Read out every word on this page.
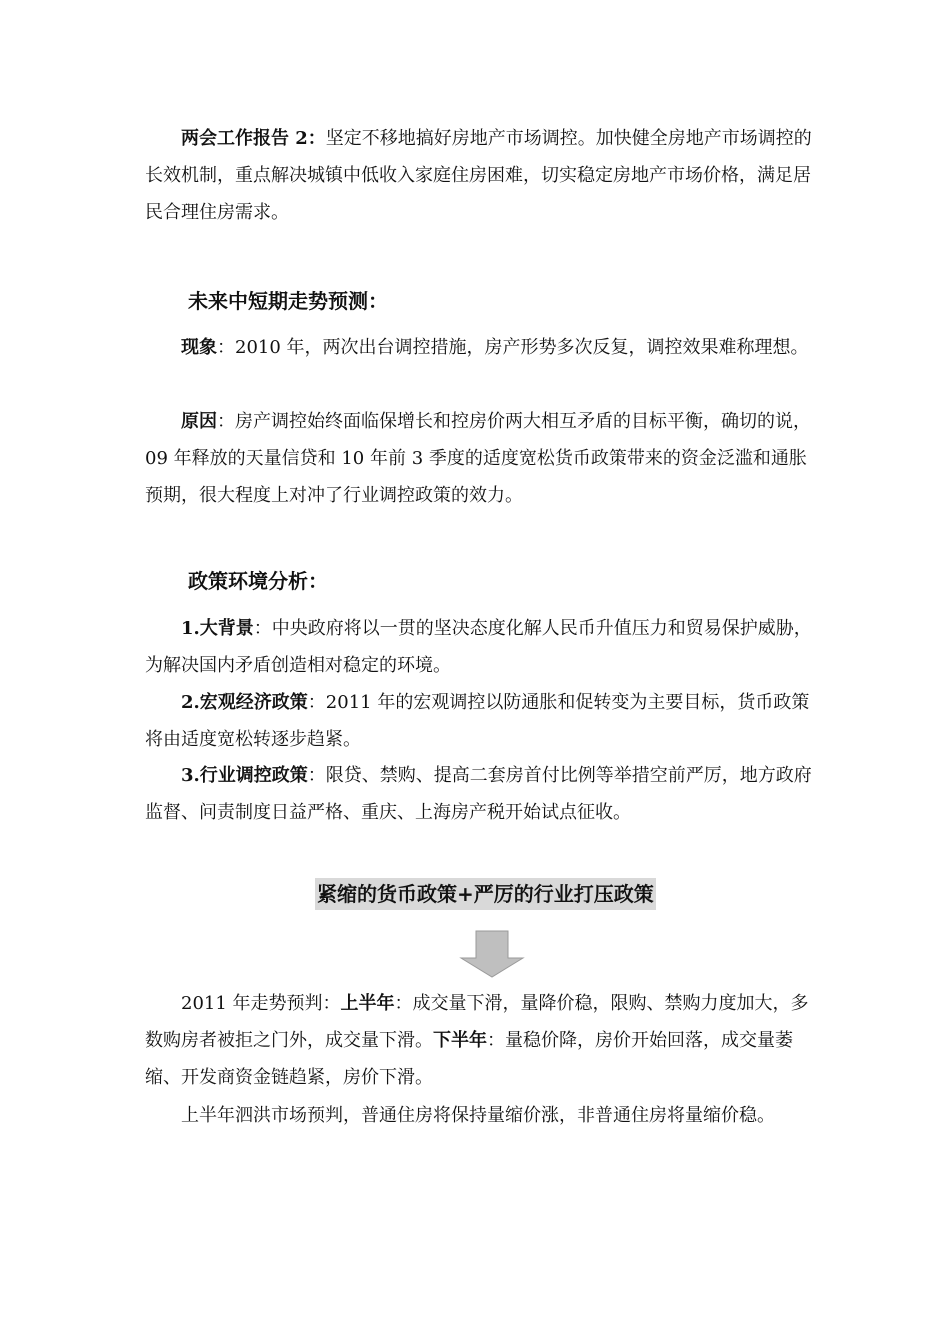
两会工作报告 2：坚定不移地搞好房地产市场调控。加快健全房地产市场调控的长效机制，重点解决城镇中低收入家庭住房困难，切实稳定房地产市场价格，满足居民合理住房需求。

未来中短期走势预测：

现象：2010 年，两次出台调控措施，房产形势多次反复，调控效果难称理想。

原因：房产调控始终面临保增长和控房价两大相互矛盾的目标平衡，确切的说，09 年释放的天量信贷和 10 年前 3 季度的适度宽松货币政策带来的资金泛滥和通胀预期，很大程度上对冲了行业调控政策的效力。

政策环境分析：

1.大背景：中央政府将以一贯的坚决态度化解人民币升值压力和贸易保护威胁，为解决国内矛盾创造相对稳定的环境。

2.宏观经济政策：2011 年的宏观调控以防通胀和促转变为主要目标，货币政策将由适度宽松转逐步趋紧。

3.行业调控政策：限贷、禁购、提高二套房首付比例等举措空前严厉，地方政府监督、问责制度日益严格、重庆、上海房产税开始试点征收。

紧缩的货币政策+严厉的行业打压政策

2011 年走势预判：上半年：成交量下滑，量降价稳，限购、禁购力度加大，多数购房者被拒之门外，成交量下滑。下半年：量稳价降，房价开始回落，成交量萎缩、开发商资金链趋紧，房价下滑。

上半年泗洪市场预判，普通住房将保持量缩价涨，非普通住房将量缩价稳。
